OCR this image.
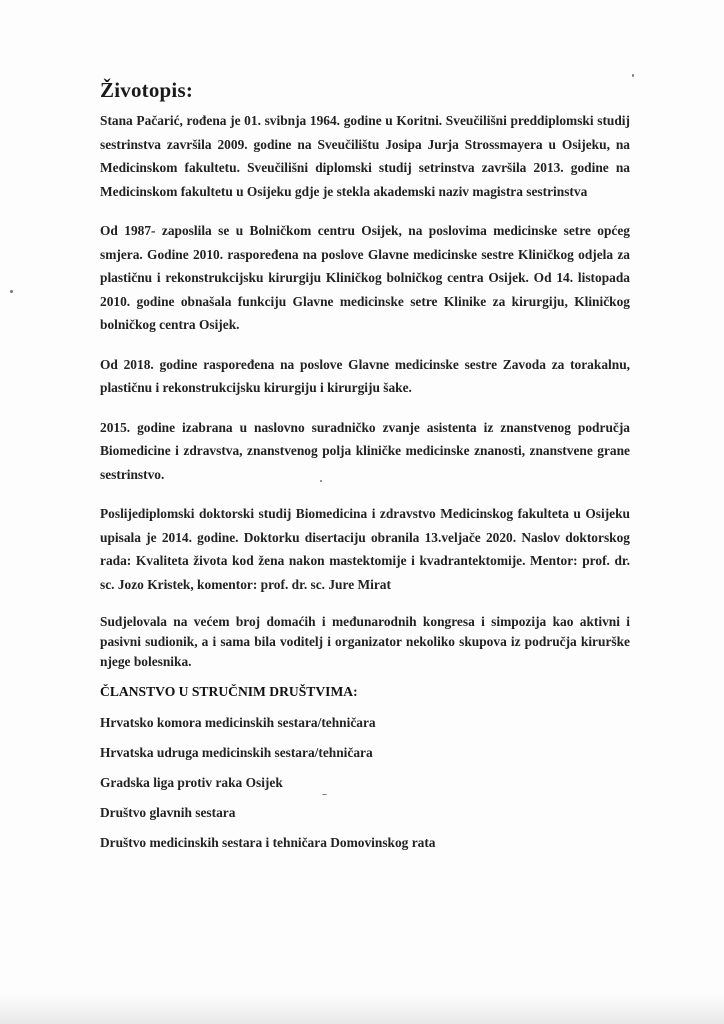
Životopis:

Stana Pačarić, rođena je 01. svibnja 1964. godine u Koritni. Sveučilišni preddiplomski studij sestrinstva završila 2009. godine na Sveučilištu Josipa Jurja Strossmayera u Osijeku, na Medicinskom fakultetu. Sveučilišni diplomski studij setrinstva završila 2013. godine na Medicinskom fakultetu u Osijeku gdje je stekla akademski naziv magistra sestrinstva

Od 1987- zaposlila se u Bolničkom centru Osijek, na poslovima medicinske setre općeg smjera. Godine 2010. raspoređena na poslove Glavne medicinske sestre Kliničkog odjela za plastičnu i rekonstrukcijsku kirurgiju Kliničkog bolničkog centra Osijek. Od 14. listopada 2010. godine obnašala funkciju Glavne medicinske setre Klinike za kirurgiju, Kliničkog bolničkog centra Osijek.

Od 2018. godine raspoređena na poslove Glavne medicinske sestre Zavoda za torakalnu, plastičnu i rekonstrukcijsku kirurgiju i kirurgiju šake.

2015. godine izabrana u naslovno suradničko zvanje asistenta iz znanstvenog područja Biomedicine i zdravstva, znanstvenog polja kliničke medicinske znanosti, znanstvene grane sestrinstvo.

Poslijediplomski doktorski studij Biomedicina i zdravstvo Medicinskog fakulteta u Osijeku upisala je 2014. godine. Doktorku disertaciju obranila 13.veljače 2020. Naslov doktorskog rada: Kvaliteta života kod žena nakon mastektomije i kvadrantektomije. Mentor: prof. dr. sc. Jozo Kristek, komentor: prof. dr. sc. Jure Mirat

Sudjelovala na većem broj domaćih i međunarodnih kongresa i simpozija kao aktivni i pasivni sudionik, a i sama bila voditelj i organizator nekoliko skupova iz područja kirurške njege bolesnika.

ČLANSTVO U STRUČNIM DRUŠTVIMA:
Hrvatsko komora medicinskih sestara/tehničara
Hrvatska udruga medicinskih sestara/tehničara
Gradska liga protiv raka Osijek
Društvo glavnih sestara
Društvo medicinskih sestara i tehničara Domovinskog rata
